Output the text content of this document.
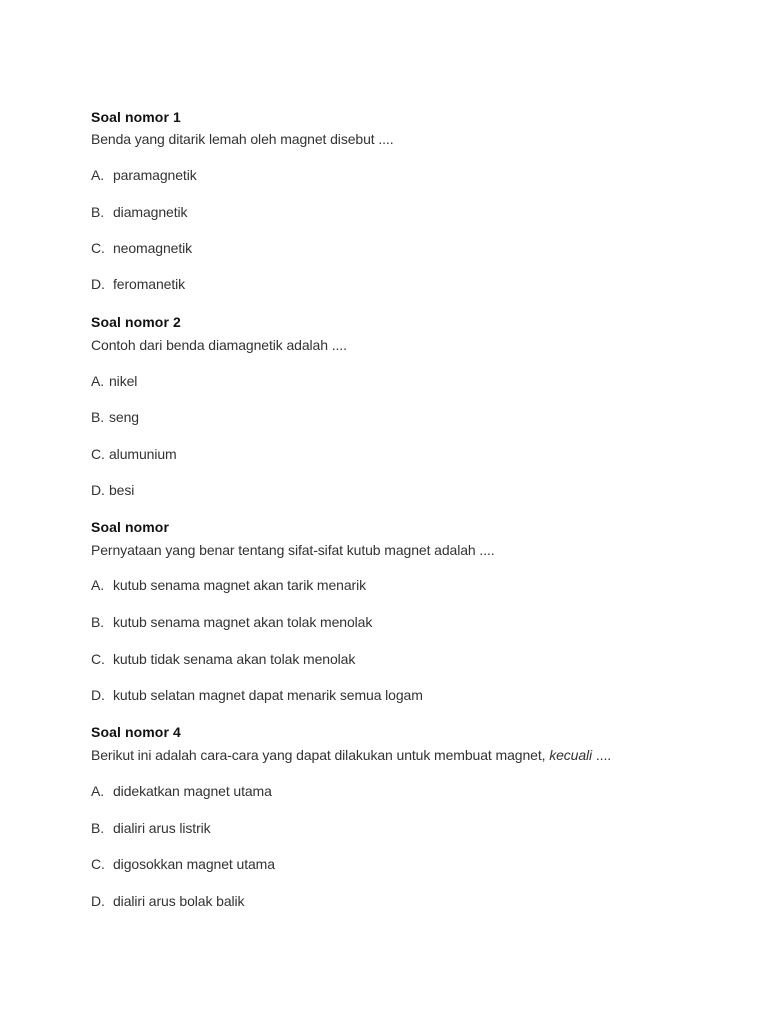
Soal nomor 1
Benda yang ditarik lemah oleh magnet disebut ....
A. paramagnetik
B. diamagnetik
C. neomagnetik
D. feromanetik
Soal nomor 2
Contoh dari benda diamagnetik adalah ....
A. nikel
B. seng
C. alumunium
D. besi
Soal nomor
Pernyataan yang benar tentang sifat-sifat kutub magnet adalah ....
A. kutub senama magnet akan tarik menarik
B. kutub senama magnet akan tolak menolak
C. kutub tidak senama akan tolak menolak
D. kutub selatan magnet dapat menarik semua logam
Soal nomor 4
Berikut ini adalah cara-cara yang dapat dilakukan untuk membuat magnet, kecuali ....
A. didekatkan magnet utama
B. dialiri arus listrik
C. digosokkan magnet utama
D. dialiri arus bolak balik
